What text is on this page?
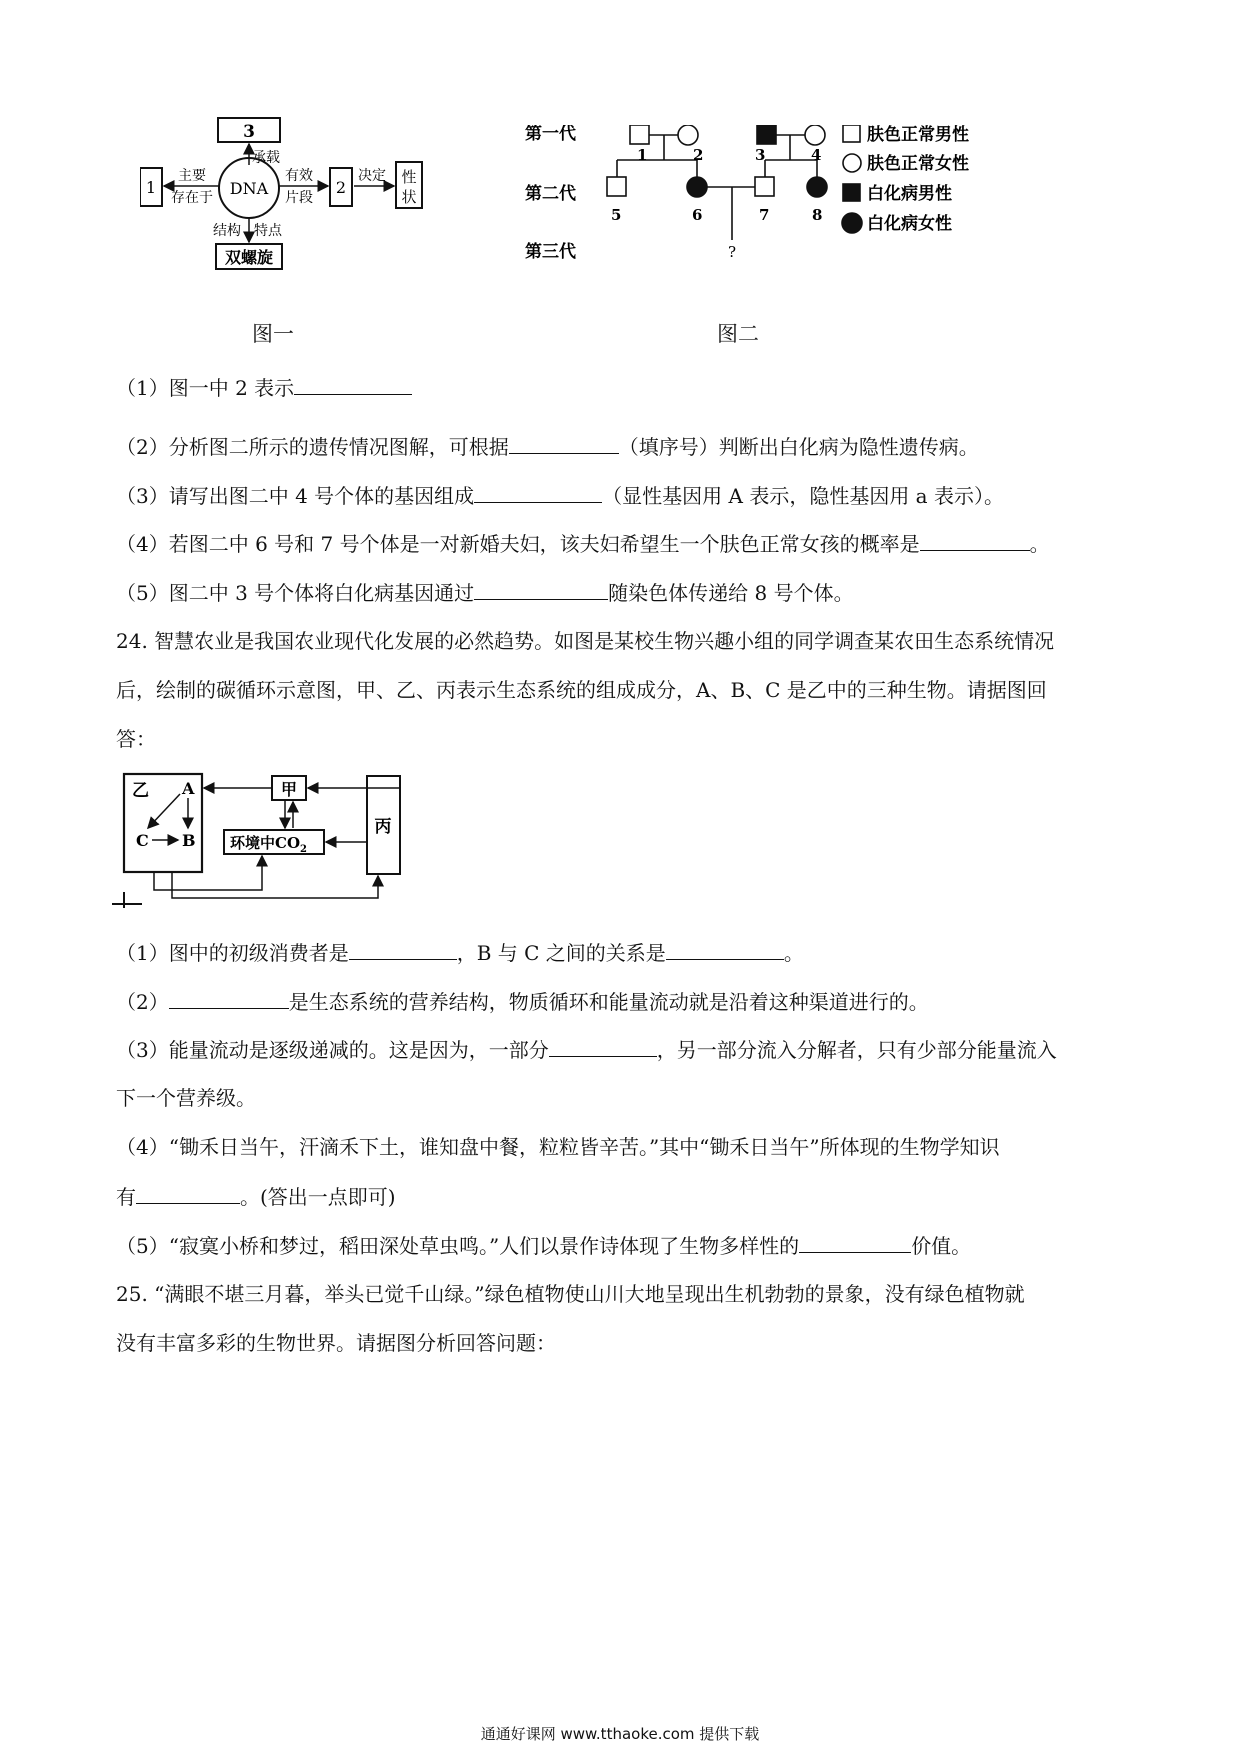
3
承载
DNA
1
主要
存在于
有效
片段
2
决定 性
状
结构 特点
双螺旋
图一
第一代
第二代
第三代	?
1	2	3	4
5	6	7	8
肤色正常男性
肤色正常女性
白化病男性
白化病女性
图二
（1）图一中 2 表示
（2）分析图二所示的遗传情况图解，可根据	（填序号）判断出白化病为隐性遗传病。
（3）请写出图二中 4 号个体的基因组成	（显性基因用 A 表示，隐性基因用 a 表示）。
（4）若图二中 6 号和 7 号个体是一对新婚夫妇，该夫妇希望生一个肤色正常女孩的概率是	。
（5）图二中 3 号个体将白化病基因通过	随染色体传递给 8 号个体。
24. 智慧农业是我国农业现代化发展的必然趋势。如图是某校生物兴趣小组的同学调查某农田生态系统情况
后，绘制的碳循环示意图，甲、乙、丙表示生态系统的组成成分，A、B、C 是乙中的三种生物。请据图回
答：
乙 A
C B
甲
丙
环境中$CO_2$
（1）图中的初级消费者是	，B 与 C 之间的关系是	。
（2）	是生态系统的营养结构，物质循环和能量流动就是沿着这种渠道进行的。
（3）能量流动是逐级递减的。这是因为，一部分	，另一部分流入分解者，只有少部分能量流入
下一个营养级。
（4）“锄禾日当午，汗滴禾下土，谁知盘中餐，粒粒皆辛苦。”其中“锄禾日当午”所体现的生物学知识
有	。(答出一点即可)
（5）“寂寞小桥和梦过，稻田深处草虫鸣。”人们以景作诗体现了生物多样性的	价值。
25. “满眼不堪三月暮，举头已觉千山绿。”绿色植物使山川大地呈现出生机勃勃的景象，没有绿色植物就
没有丰富多彩的生物世界。请据图分析回答问题：
通通好课网 www.tthaoke.com 提供下载
